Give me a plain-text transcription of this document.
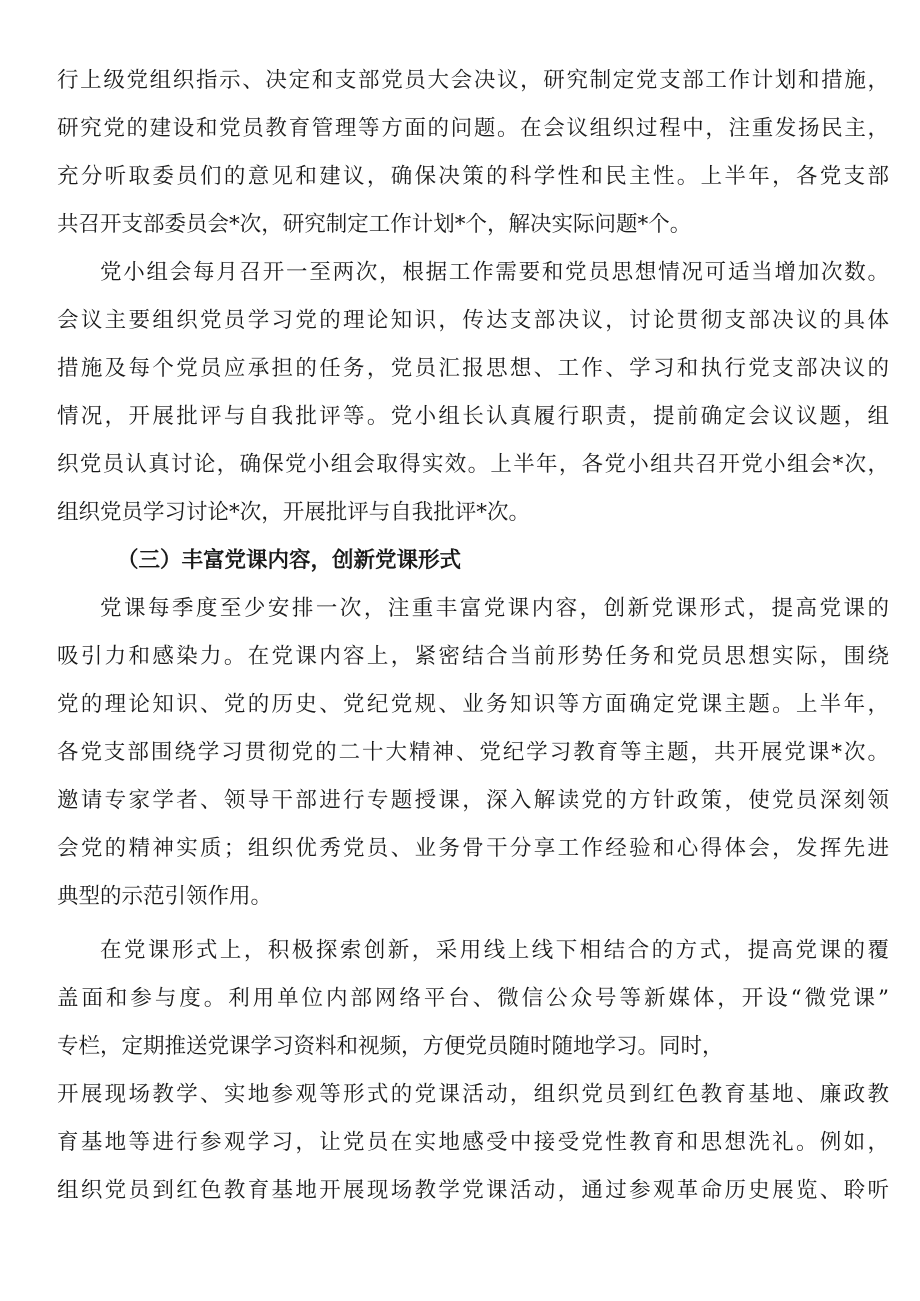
行上级党组织指示、决定和支部党员大会决议，研究制定党支部工作计划和措施，
研究党的建设和党员教育管理等方面的问题。在会议组织过程中，注重发扬民主，
充分听取委员们的意见和建议，确保决策的科学性和民主性。上半年，各党支部
共召开支部委员会*次，研究制定工作计划*个，解决实际问题*个。
党小组会每月召开一至两次，根据工作需要和党员思想情况可适当增加次数。
会议主要组织党员学习党的理论知识，传达支部决议，讨论贯彻支部决议的具体
措施及每个党员应承担的任务，党员汇报思想、工作、学习和执行党支部决议的
情况，开展批评与自我批评等。党小组长认真履行职责，提前确定会议议题，组
织党员认真讨论，确保党小组会取得实效。上半年，各党小组共召开党小组会*次，
组织党员学习讨论*次，开展批评与自我批评*次。
（三）丰富党课内容，创新党课形式
党课每季度至少安排一次，注重丰富党课内容，创新党课形式，提高党课的
吸引力和感染力。在党课内容上，紧密结合当前形势任务和党员思想实际，围绕
党的理论知识、党的历史、党纪党规、业务知识等方面确定党课主题。上半年，
各党支部围绕学习贯彻党的二十大精神、党纪学习教育等主题，共开展党课*次。
邀请专家学者、领导干部进行专题授课，深入解读党的方针政策，使党员深刻领
会党的精神实质；组织优秀党员、业务骨干分享工作经验和心得体会，发挥先进
典型的示范引领作用。
在党课形式上，积极探索创新，采用线上线下相结合的方式，提高党课的覆
盖面和参与度。利用单位内部网络平台、微信公众号等新媒体，开设“微党课”
专栏，定期推送党课学习资料和视频，方便党员随时随地学习。同时，
开展现场教学、实地参观等形式的党课活动，组织党员到红色教育基地、廉政教
育基地等进行参观学习，让党员在实地感受中接受党性教育和思想洗礼。例如，
组织党员到红色教育基地开展现场教学党课活动，通过参观革命历史展览、聆听
